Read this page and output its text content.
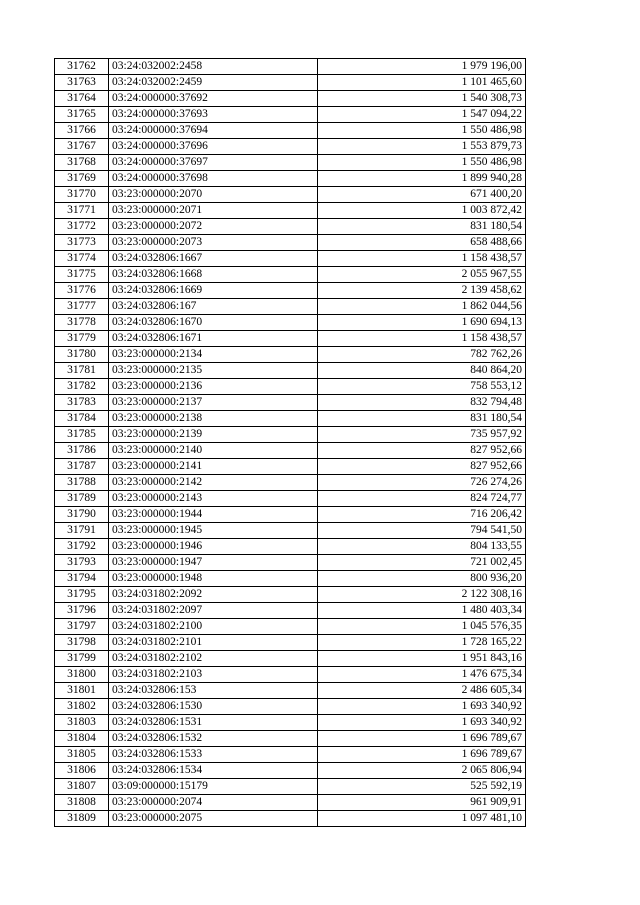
31762	03:24:032002:2458	1 979 196,00
31763	03:24:032002:2459	1 101 465,60
31764	03:24:000000:37692	1 540 308,73
31765	03:24:000000:37693	1 547 094,22
31766	03:24:000000:37694	1 550 486,98
31767	03:24:000000:37696	1 553 879,73
31768	03:24:000000:37697	1 550 486,98
31769	03:24:000000:37698	1 899 940,28
31770	03:23:000000:2070	671 400,20
31771	03:23:000000:2071	1 003 872,42
31772	03:23:000000:2072	831 180,54
31773	03:23:000000:2073	658 488,66
31774	03:24:032806:1667	1 158 438,57
31775	03:24:032806:1668	2 055 967,55
31776	03:24:032806:1669	2 139 458,62
31777	03:24:032806:167	1 862 044,56
31778	03:24:032806:1670	1 690 694,13
31779	03:24:032806:1671	1 158 438,57
31780	03:23:000000:2134	782 762,26
31781	03:23:000000:2135	840 864,20
31782	03:23:000000:2136	758 553,12
31783	03:23:000000:2137	832 794,48
31784	03:23:000000:2138	831 180,54
31785	03:23:000000:2139	735 957,92
31786	03:23:000000:2140	827 952,66
31787	03:23:000000:2141	827 952,66
31788	03:23:000000:2142	726 274,26
31789	03:23:000000:2143	824 724,77
31790	03:23:000000:1944	716 206,42
31791	03:23:000000:1945	794 541,50
31792	03:23:000000:1946	804 133,55
31793	03:23:000000:1947	721 002,45
31794	03:23:000000:1948	800 936,20
31795	03:24:031802:2092	2 122 308,16
31796	03:24:031802:2097	1 480 403,34
31797	03:24:031802:2100	1 045 576,35
31798	03:24:031802:2101	1 728 165,22
31799	03:24:031802:2102	1 951 843,16
31800	03:24:031802:2103	1 476 675,34
31801	03:24:032806:153	2 486 605,34
31802	03:24:032806:1530	1 693 340,92
31803	03:24:032806:1531	1 693 340,92
31804	03:24:032806:1532	1 696 789,67
31805	03:24:032806:1533	1 696 789,67
31806	03:24:032806:1534	2 065 806,94
31807	03:09:000000:15179	525 592,19
31808	03:23:000000:2074	961 909,91
31809	03:23:000000:2075	1 097 481,10
